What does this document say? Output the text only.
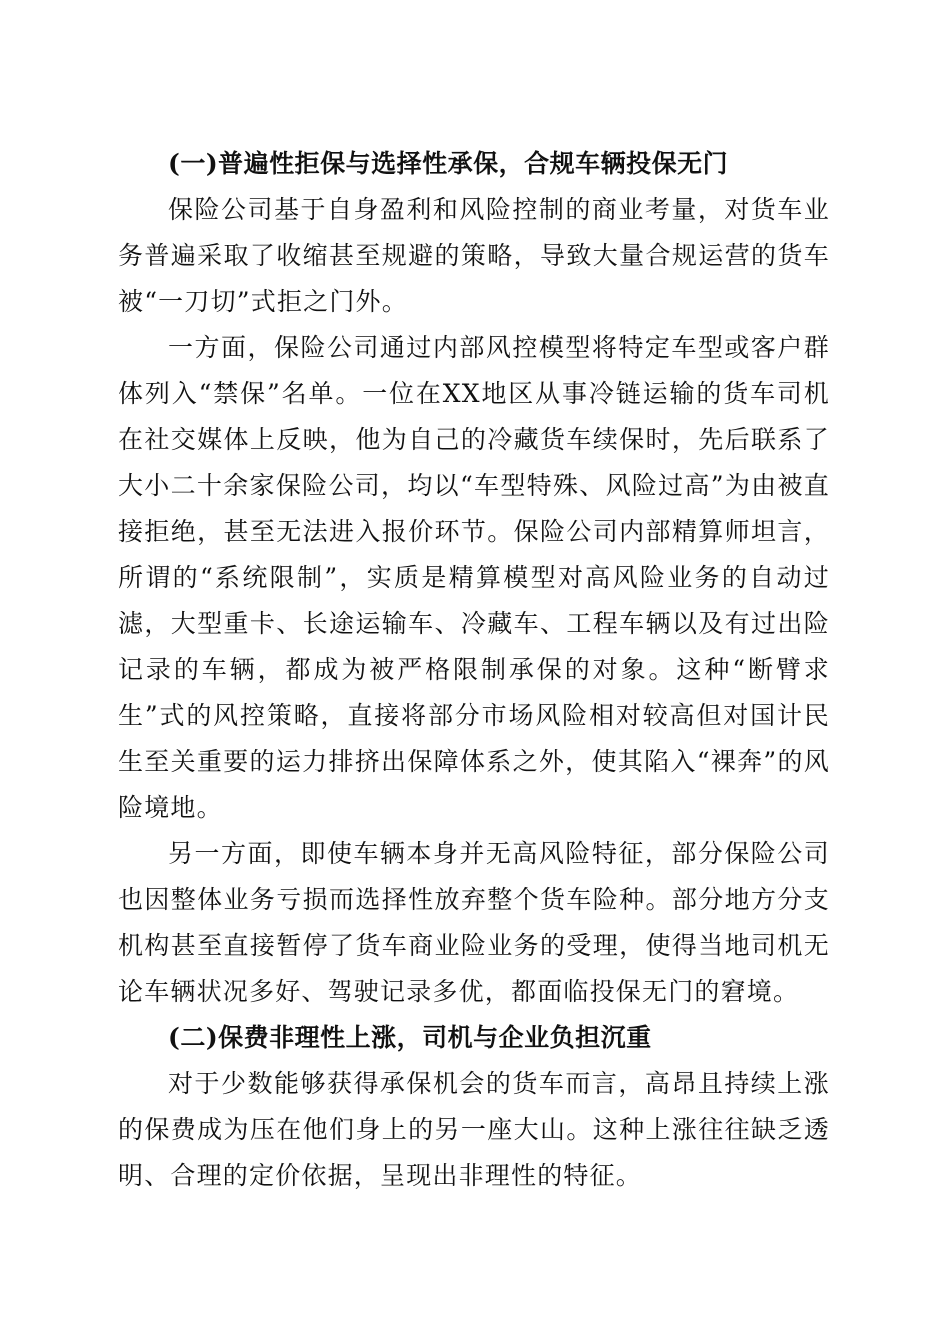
(一)普遍性拒保与选择性承保，合规车辆投保无门

保险公司基于自身盈利和风险控制的商业考量，对货车业务普遍采取了收缩甚至规避的策略，导致大量合规运营的货车被“一刀切”式拒之门外。

一方面，保险公司通过内部风控模型将特定车型或客户群体列入“禁保”名单。一位在XX地区从事冷链运输的货车司机在社交媒体上反映，他为自己的冷藏货车续保时，先后联系了大小二十余家保险公司，均以“车型特殊、风险过高”为由被直接拒绝，甚至无法进入报价环节。保险公司内部精算师坦言，所谓的“系统限制”，实质是精算模型对高风险业务的自动过滤，大型重卡、长途运输车、冷藏车、工程车辆以及有过出险记录的车辆，都成为被严格限制承保的对象。这种“断臂求生”式的风控策略，直接将部分市场风险相对较高但对国计民生至关重要的运力排挤出保障体系之外，使其陷入“裸奔”的风险境地。

另一方面，即使车辆本身并无高风险特征，部分保险公司也因整体业务亏损而选择性放弃整个货车险种。部分地方分支机构甚至直接暂停了货车商业险业务的受理，使得当地司机无论车辆状况多好、驾驶记录多优，都面临投保无门的窘境。

(二)保费非理性上涨，司机与企业负担沉重

对于少数能够获得承保机会的货车而言，高昂且持续上涨的保费成为压在他们身上的另一座大山。这种上涨往往缺乏透明、合理的定价依据，呈现出非理性的特征。
